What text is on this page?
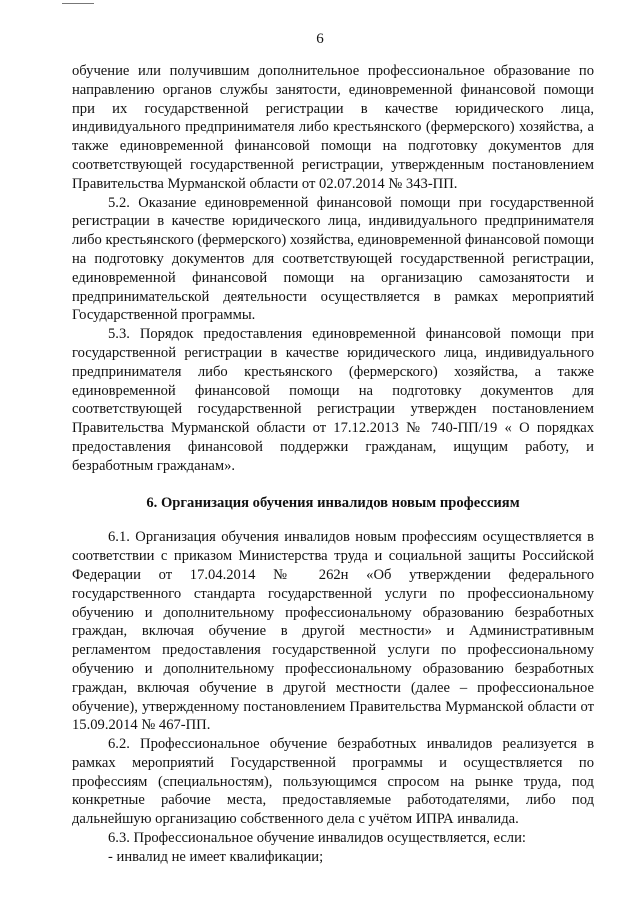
6

обучение или получившим дополнительное профессиональное образование по направлению органов службы занятости, единовременной финансовой помощи при их государственной регистрации в качестве юридического лица, индивидуального предпринимателя либо крестьянского (фермерского) хозяйства, а также единовременной финансовой помощи на подготовку документов для соответствующей государственной регистрации, утвержденным постановлением Правительства Мурманской области от 02.07.2014 № 343-ПП.

5.2. Оказание единовременной финансовой помощи при государственной регистрации в качестве юридического лица, индивидуального предпринимателя либо крестьянского (фермерского) хозяйства, единовременной финансовой помощи на подготовку документов для соответствующей государственной регистрации, единовременной финансовой помощи на организацию самозанятости и предпринимательской деятельности осуществляется в рамках мероприятий Государственной программы.

5.3. Порядок предоставления единовременной финансовой помощи при государственной регистрации в качестве юридического лица, индивидуального предпринимателя либо крестьянского (фермерского) хозяйства, а также единовременной финансовой помощи на подготовку документов для соответствующей государственной регистрации утвержден постановлением Правительства Мурманской области от 17.12.2013 № 740-ПП/19 « О порядках предоставления финансовой поддержки гражданам, ищущим работу, и безработным гражданам».

6. Организация обучения инвалидов новым профессиям

6.1. Организация обучения инвалидов новым профессиям осуществляется в соответствии с приказом Министерства труда и социальной защиты Российской Федерации от 17.04.2014 № 262н «Об утверждении федерального государственного стандарта государственной услуги по профессиональному обучению и дополнительному профессиональному образованию безработных граждан, включая обучение в другой местности» и Административным регламентом предоставления государственной услуги по профессиональному обучению и дополнительному профессиональному образованию безработных граждан, включая обучение в другой местности (далее – профессиональное обучение), утвержденному постановлением Правительства Мурманской области от 15.09.2014 № 467-ПП.

6.2. Профессиональное обучение безработных инвалидов реализуется в рамках мероприятий Государственной программы и осуществляется по профессиям (специальностям), пользующимся спросом на рынке труда, под конкретные рабочие места, предоставляемые работодателями, либо под дальнейшую организацию собственного дела с учётом ИПРА инвалида.

6.3. Профессиональное обучение инвалидов осуществляется, если:

- инвалид не имеет квалификации;
